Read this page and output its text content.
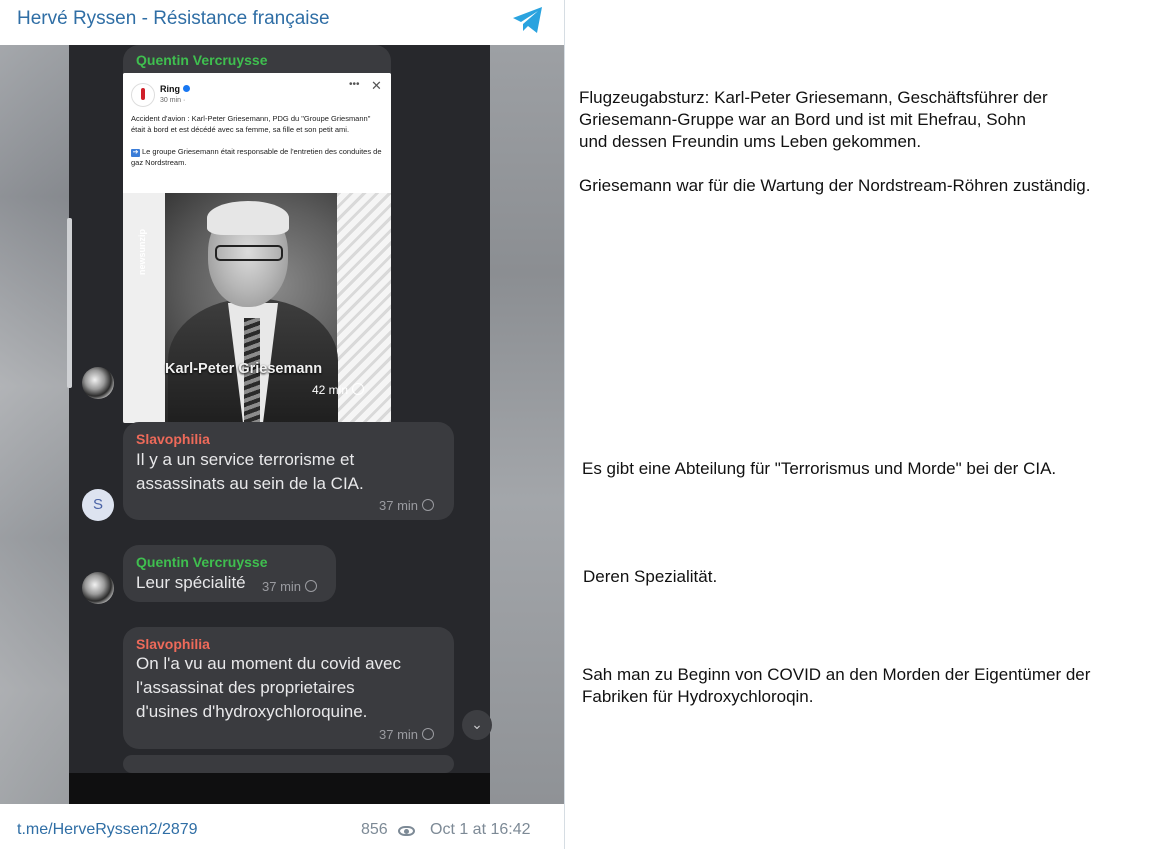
Hervé Ryssen - Résistance française
Quentin Vercruysse
Ring
30 min ·
••• ✕
Accident d'avion : Karl-Peter Griesemann, PDG du "Groupe Griesmann" était à bord et est décédé avec sa femme, sa fille et son petit ami.
➔ Le groupe Griesemann était responsable de l'entretien des conduites de gaz Nordstream.
newsunzip
Karl-Peter Griesemann
42 min
Slavophilia
Il y a un service terrorisme et
assassinats au sein de la CIA.
37 min
S
Quentin Vercruysse
Leur spécialité 37 min
Slavophilia
On l'a vu au moment du covid avec
l'assassinat des proprietaires
d'usines d'hydroxychloroquine.
37 min
⌄
t.me/HerveRyssen2/2879	856	Oct 1 at 16:42
Flugzeugabsturz: Karl-Peter Griesemann, Geschäftsführer der
Griesemann-Gruppe war an Bord und ist mit Ehefrau, Sohn
und dessen Freundin ums Leben gekommen.
Griesemann war für die Wartung der Nordstream-Röhren zuständig.
Es gibt eine Abteilung für "Terrorismus und Morde" bei der CIA.
Deren Spezialität.
Sah man zu Beginn von COVID an den Morden der Eigentümer der
Fabriken für Hydroxychloroqin.
